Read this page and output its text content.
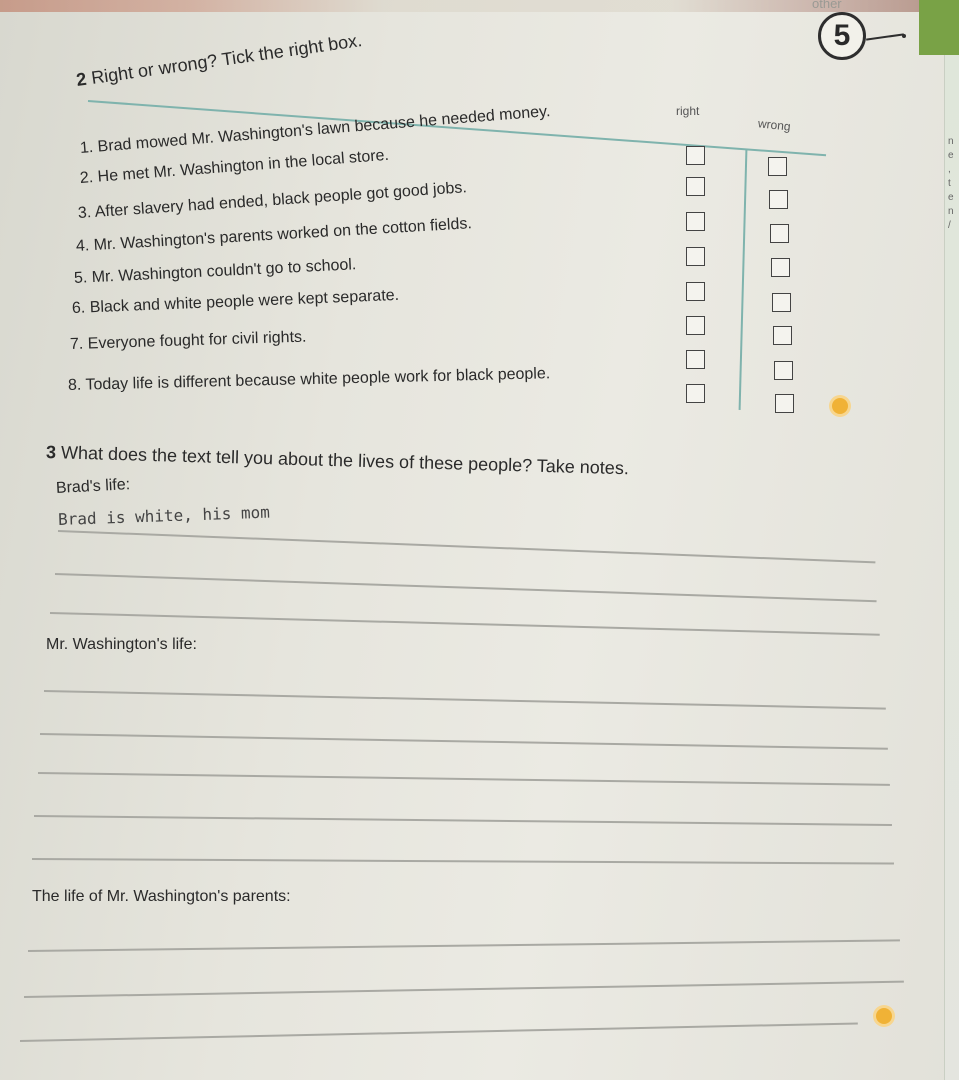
n
e
,
t
e
n
/
other
5
2 Right or wrong? Tick the right box.
right
wrong
1. Brad mowed Mr. Washington's lawn because he needed money.
2. He met Mr. Washington in the local store.
3. After slavery had ended, black people got good jobs.
4. Mr. Washington's parents worked on the cotton fields.
5. Mr. Washington couldn't go to school.
6. Black and white people were kept separate.
7. Everyone fought for civil rights.
8. Today life is different because white people work for black people.
3 What does the text tell you about the lives of these people? Take notes.
Brad's life:
Brad is white, his mom
Mr. Washington's life:
The life of Mr. Washington's parents:
